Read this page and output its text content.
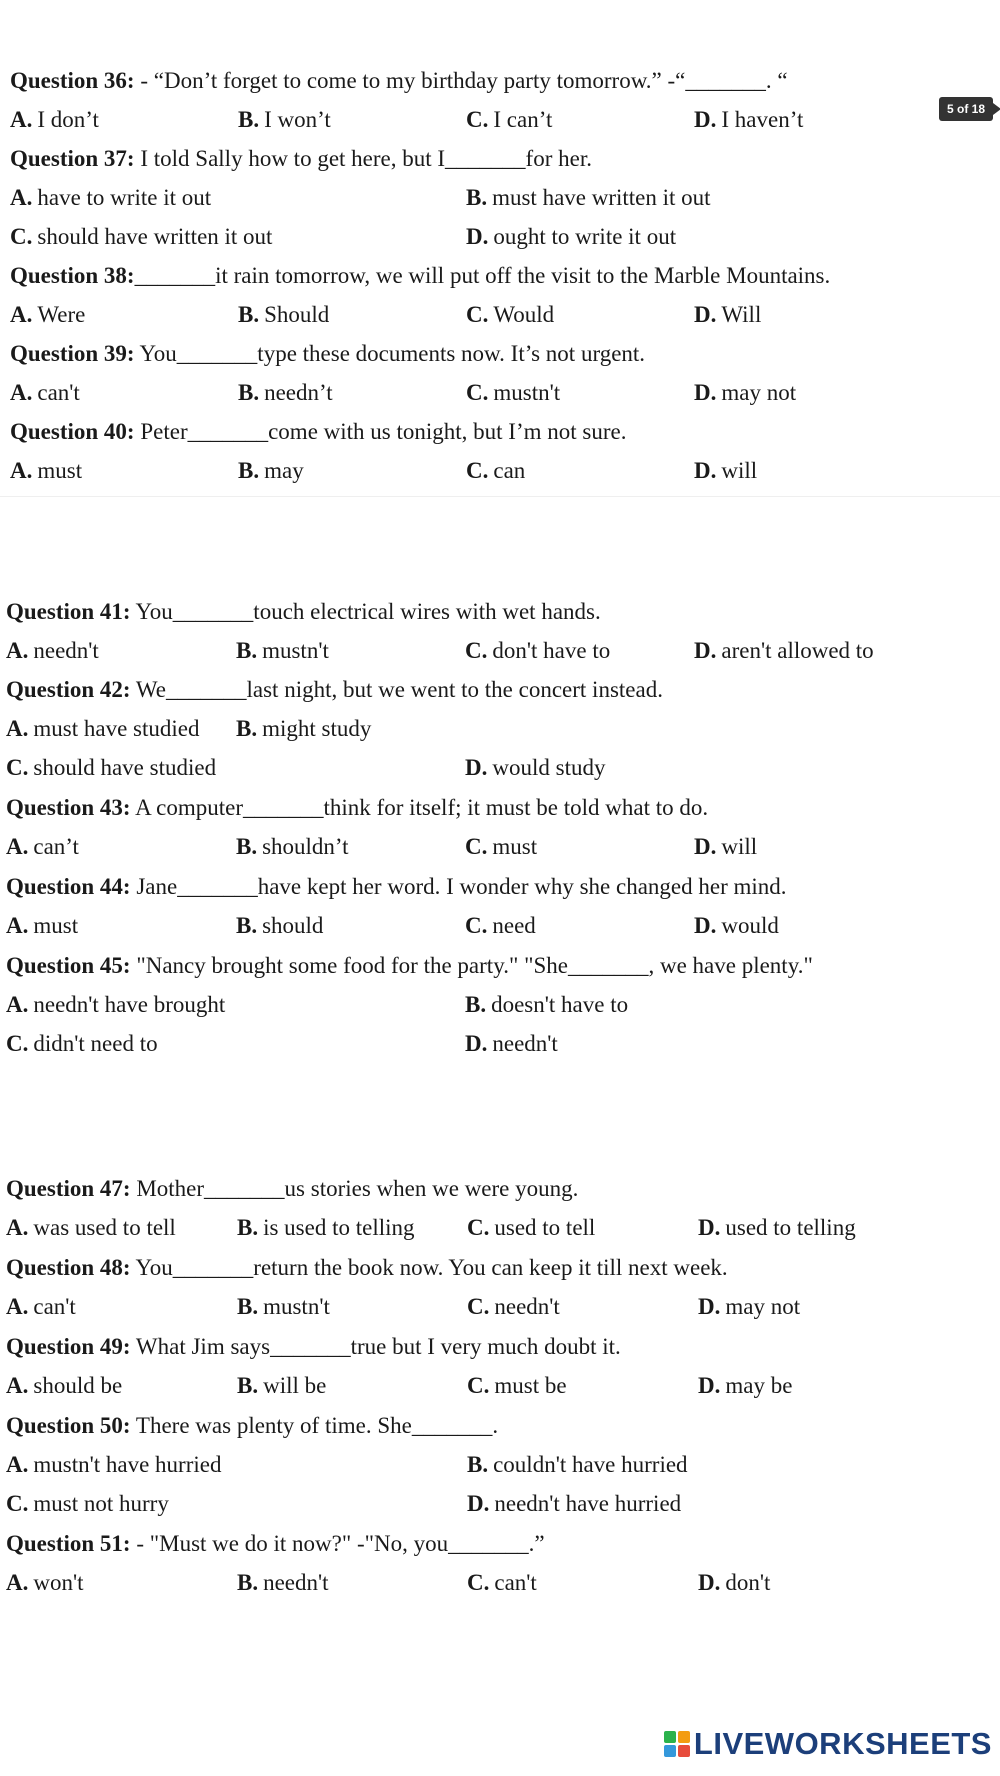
5 of 18
Question 36: - “Don’t forget to come to my birthday party tomorrow.” -“_______. “
A. I don’t	B. I won’t	C. I can’t	D. I haven’t
Question 37: I told Sally how to get here, but I_______for her.
A. have to write it out	B. must have written it out
C. should have written it out	D. ought to write it out
Question 38:_______it rain tomorrow, we will put off the visit to the Marble Mountains.
A. Were	B. Should	C. Would	D. Will
Question 39: You_______type these documents now. It’s not urgent.
A. can't	B. needn’t	C. mustn't	D. may not
Question 40: Peter_______come with us tonight, but I’m not sure.
A. must	B. may	C. can	D. will
Question 41: You_______touch electrical wires with wet hands.
A. needn't	B. mustn't	C. don't have to	D. aren't allowed to
Question 42: We_______last night, but we went to the concert instead.
A. must have studied B. might study
C. should have studied	D. would study
Question 43: A computer_______think for itself; it must be told what to do.
A. can’t	B. shouldn’t	C. must	D. will
Question 44: Jane_______have kept her word. I wonder why she changed her mind.
A. must	B. should	C. need	D. would
Question 45: "Nancy brought some food for the party." "She_______, we have plenty."
A. needn't have brought	B. doesn't have to
C. didn't need to	D. needn't
Question 47: Mother_______us stories when we were young.
A. was used to tell	B. is used to telling C. used to tell	D. used to telling
Question 48: You_______return the book now. You can keep it till next week.
A. can't	B. mustn't	C. needn't	D. may not
Question 49: What Jim says_______true but I very much doubt it.
A. should be	B. will be	C. must be	D. may be
Question 50: There was plenty of time. She_______.
A. mustn't have hurried	B. couldn't have hurried
C. must not hurry	D. needn't have hurried
Question 51: - "Must we do it now?" -"No, you_______.”
A. won't	B. needn't	C. can't	D. don't
LIVEWORKSHEETS
